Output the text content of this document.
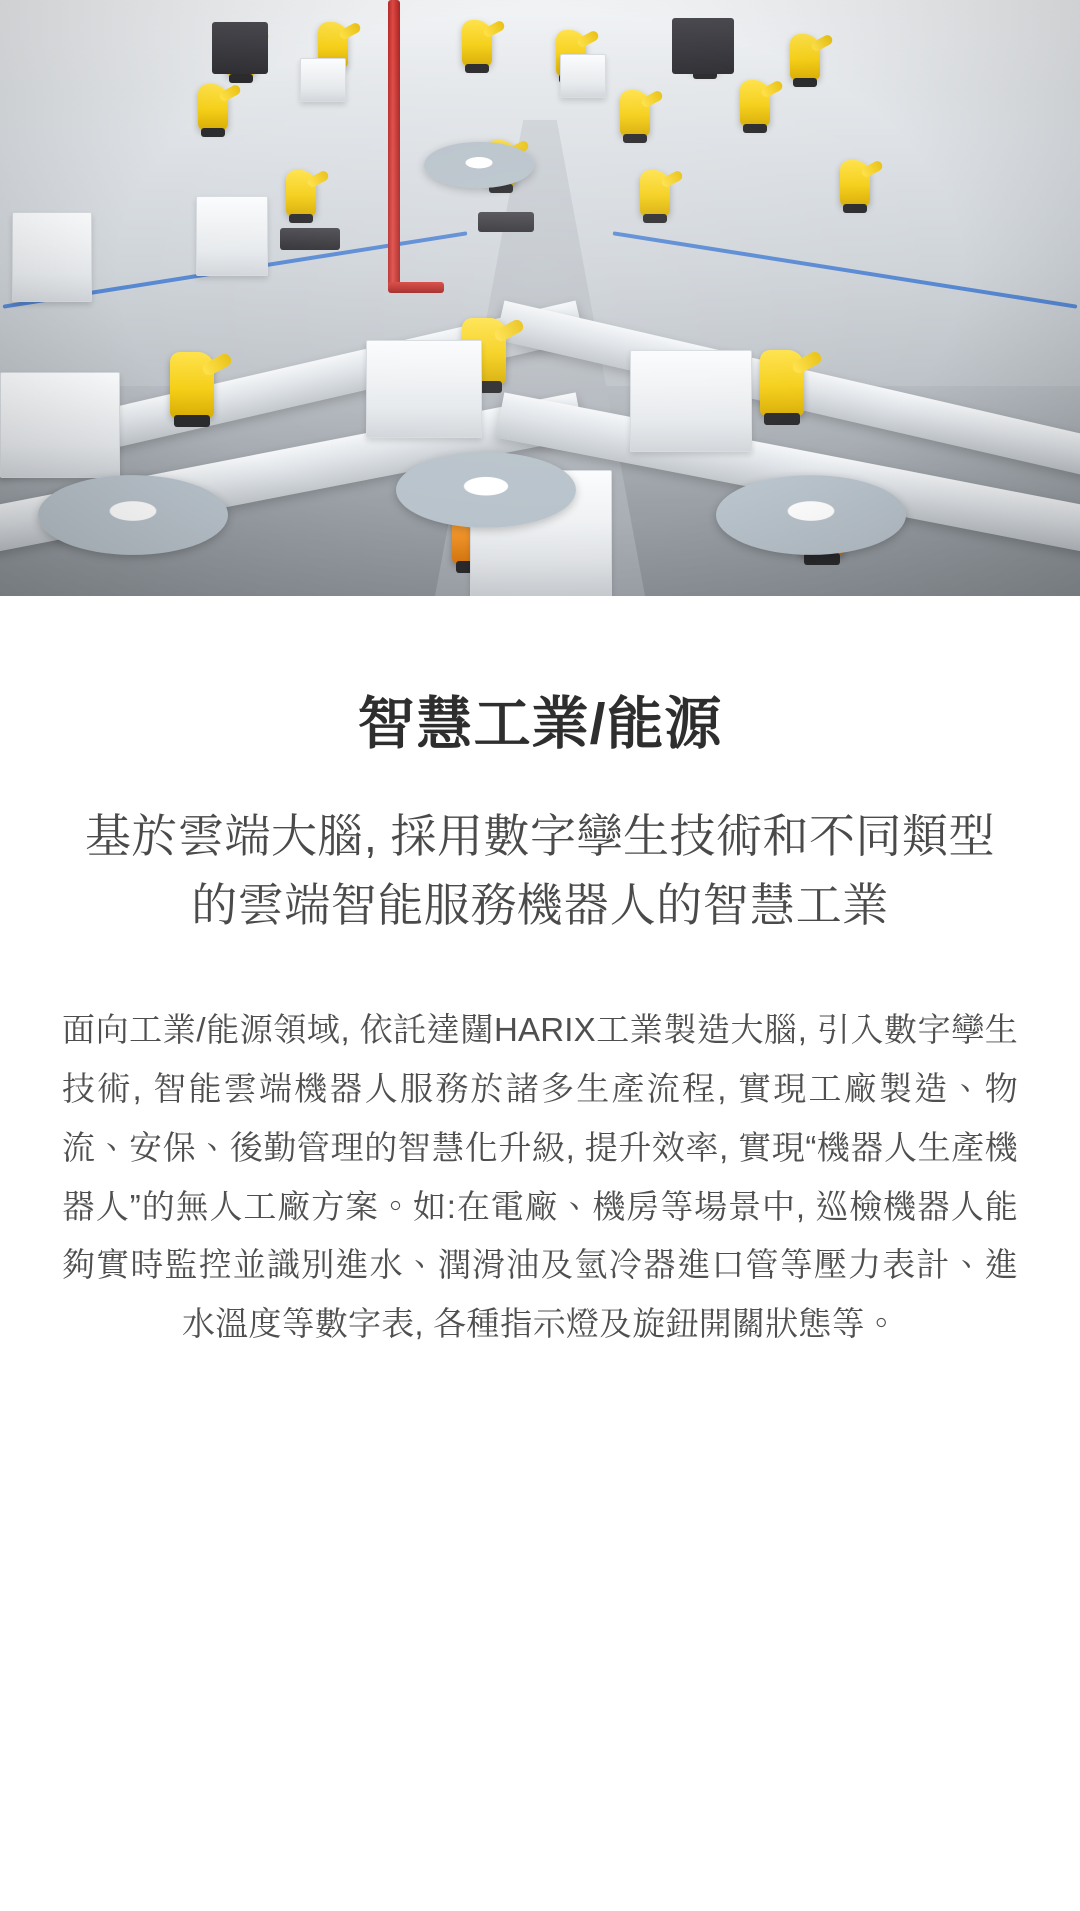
智慧工業/能源

基於雲端大腦, 採用數字孿生技術和不同類型的雲端智能服務機器人的智慧工業

面向工業/能源領域, 依託達闥HARIX工業製造大腦, 引入數字孿生技術, 智能雲端機器人服務於諸多生產流程, 實現工廠製造、物流、安保、後勤管理的智慧化升級, 提升效率, 實現“機器人生產機器人”的無人工廠方案。如:在電廠、機房等場景中, 巡檢機器人能夠實時監控並識別進水、潤滑油及氫冷器進口管等壓力表計、進水溫度等數字表, 各種指示燈及旋鈕開關狀態等。
